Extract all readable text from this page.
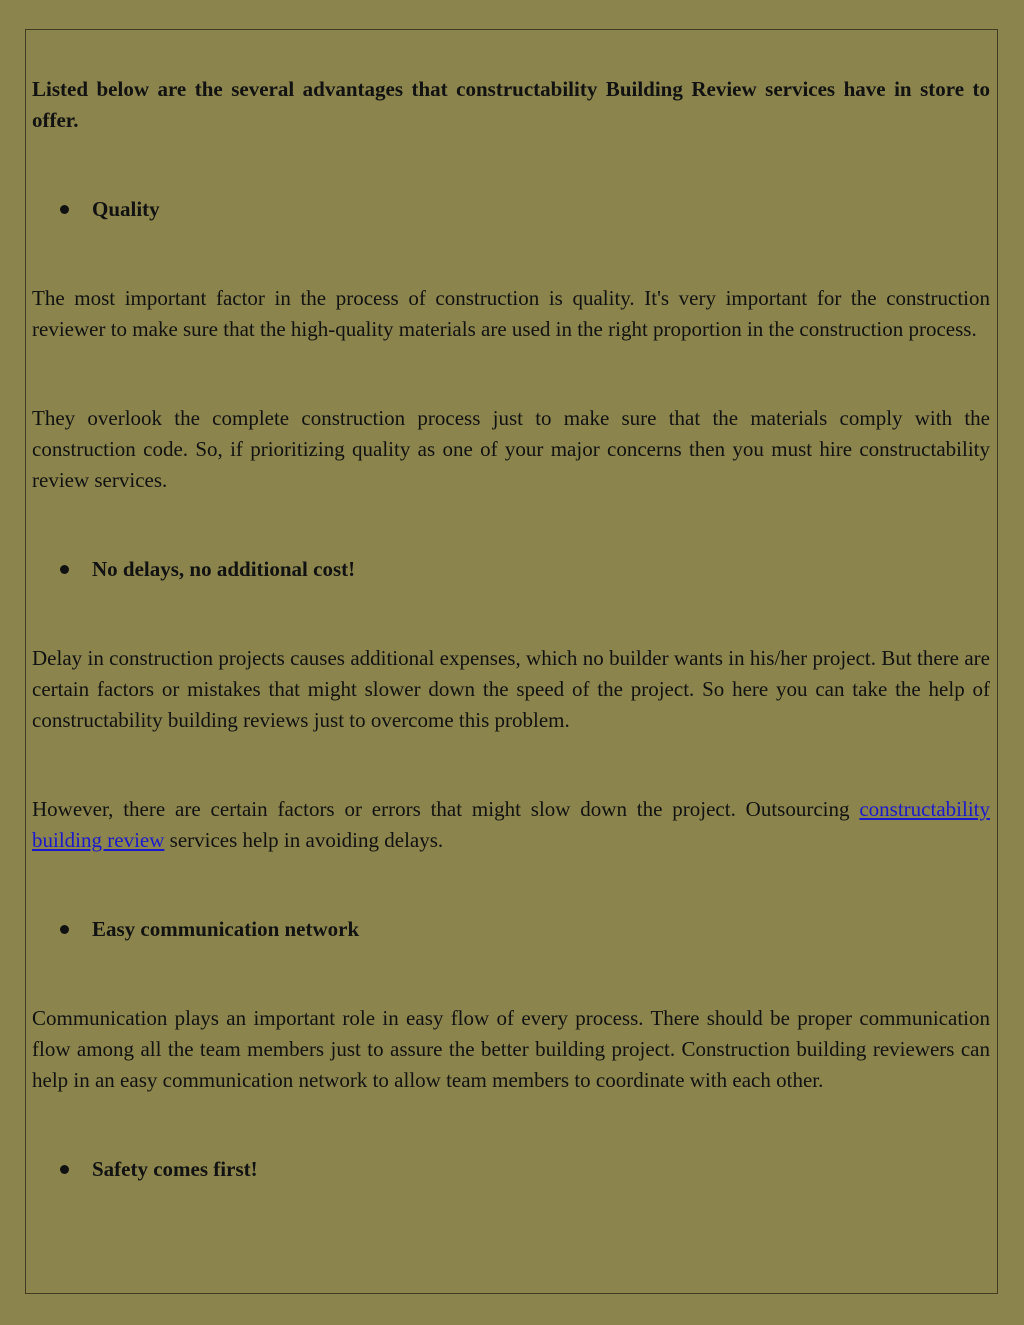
Listed below are the several advantages that constructability Building Review services have in store to offer.

Quality

The most important factor in the process of construction is quality. It's very important for the construction reviewer to make sure that the high-quality materials are used in the right proportion in the construction process.

They overlook the complete construction process just to make sure that the materials comply with the construction code. So, if prioritizing quality as one of your major concerns then you must hire constructability review services.

No delays, no additional cost!

Delay in construction projects causes additional expenses, which no builder wants in his/her project. But there are certain factors or mistakes that might slower down the speed of the project. So here you can take the help of constructability building reviews just to overcome this problem.

However, there are certain factors or errors that might slow down the project. Outsourcing constructability building review services help in avoiding delays.

Easy communication network

Communication plays an important role in easy flow of every process. There should be proper communication flow among all the team members just to assure the better building project. Construction building reviewers can help in an easy communication network to allow team members to coordinate with each other.

Safety comes first!
